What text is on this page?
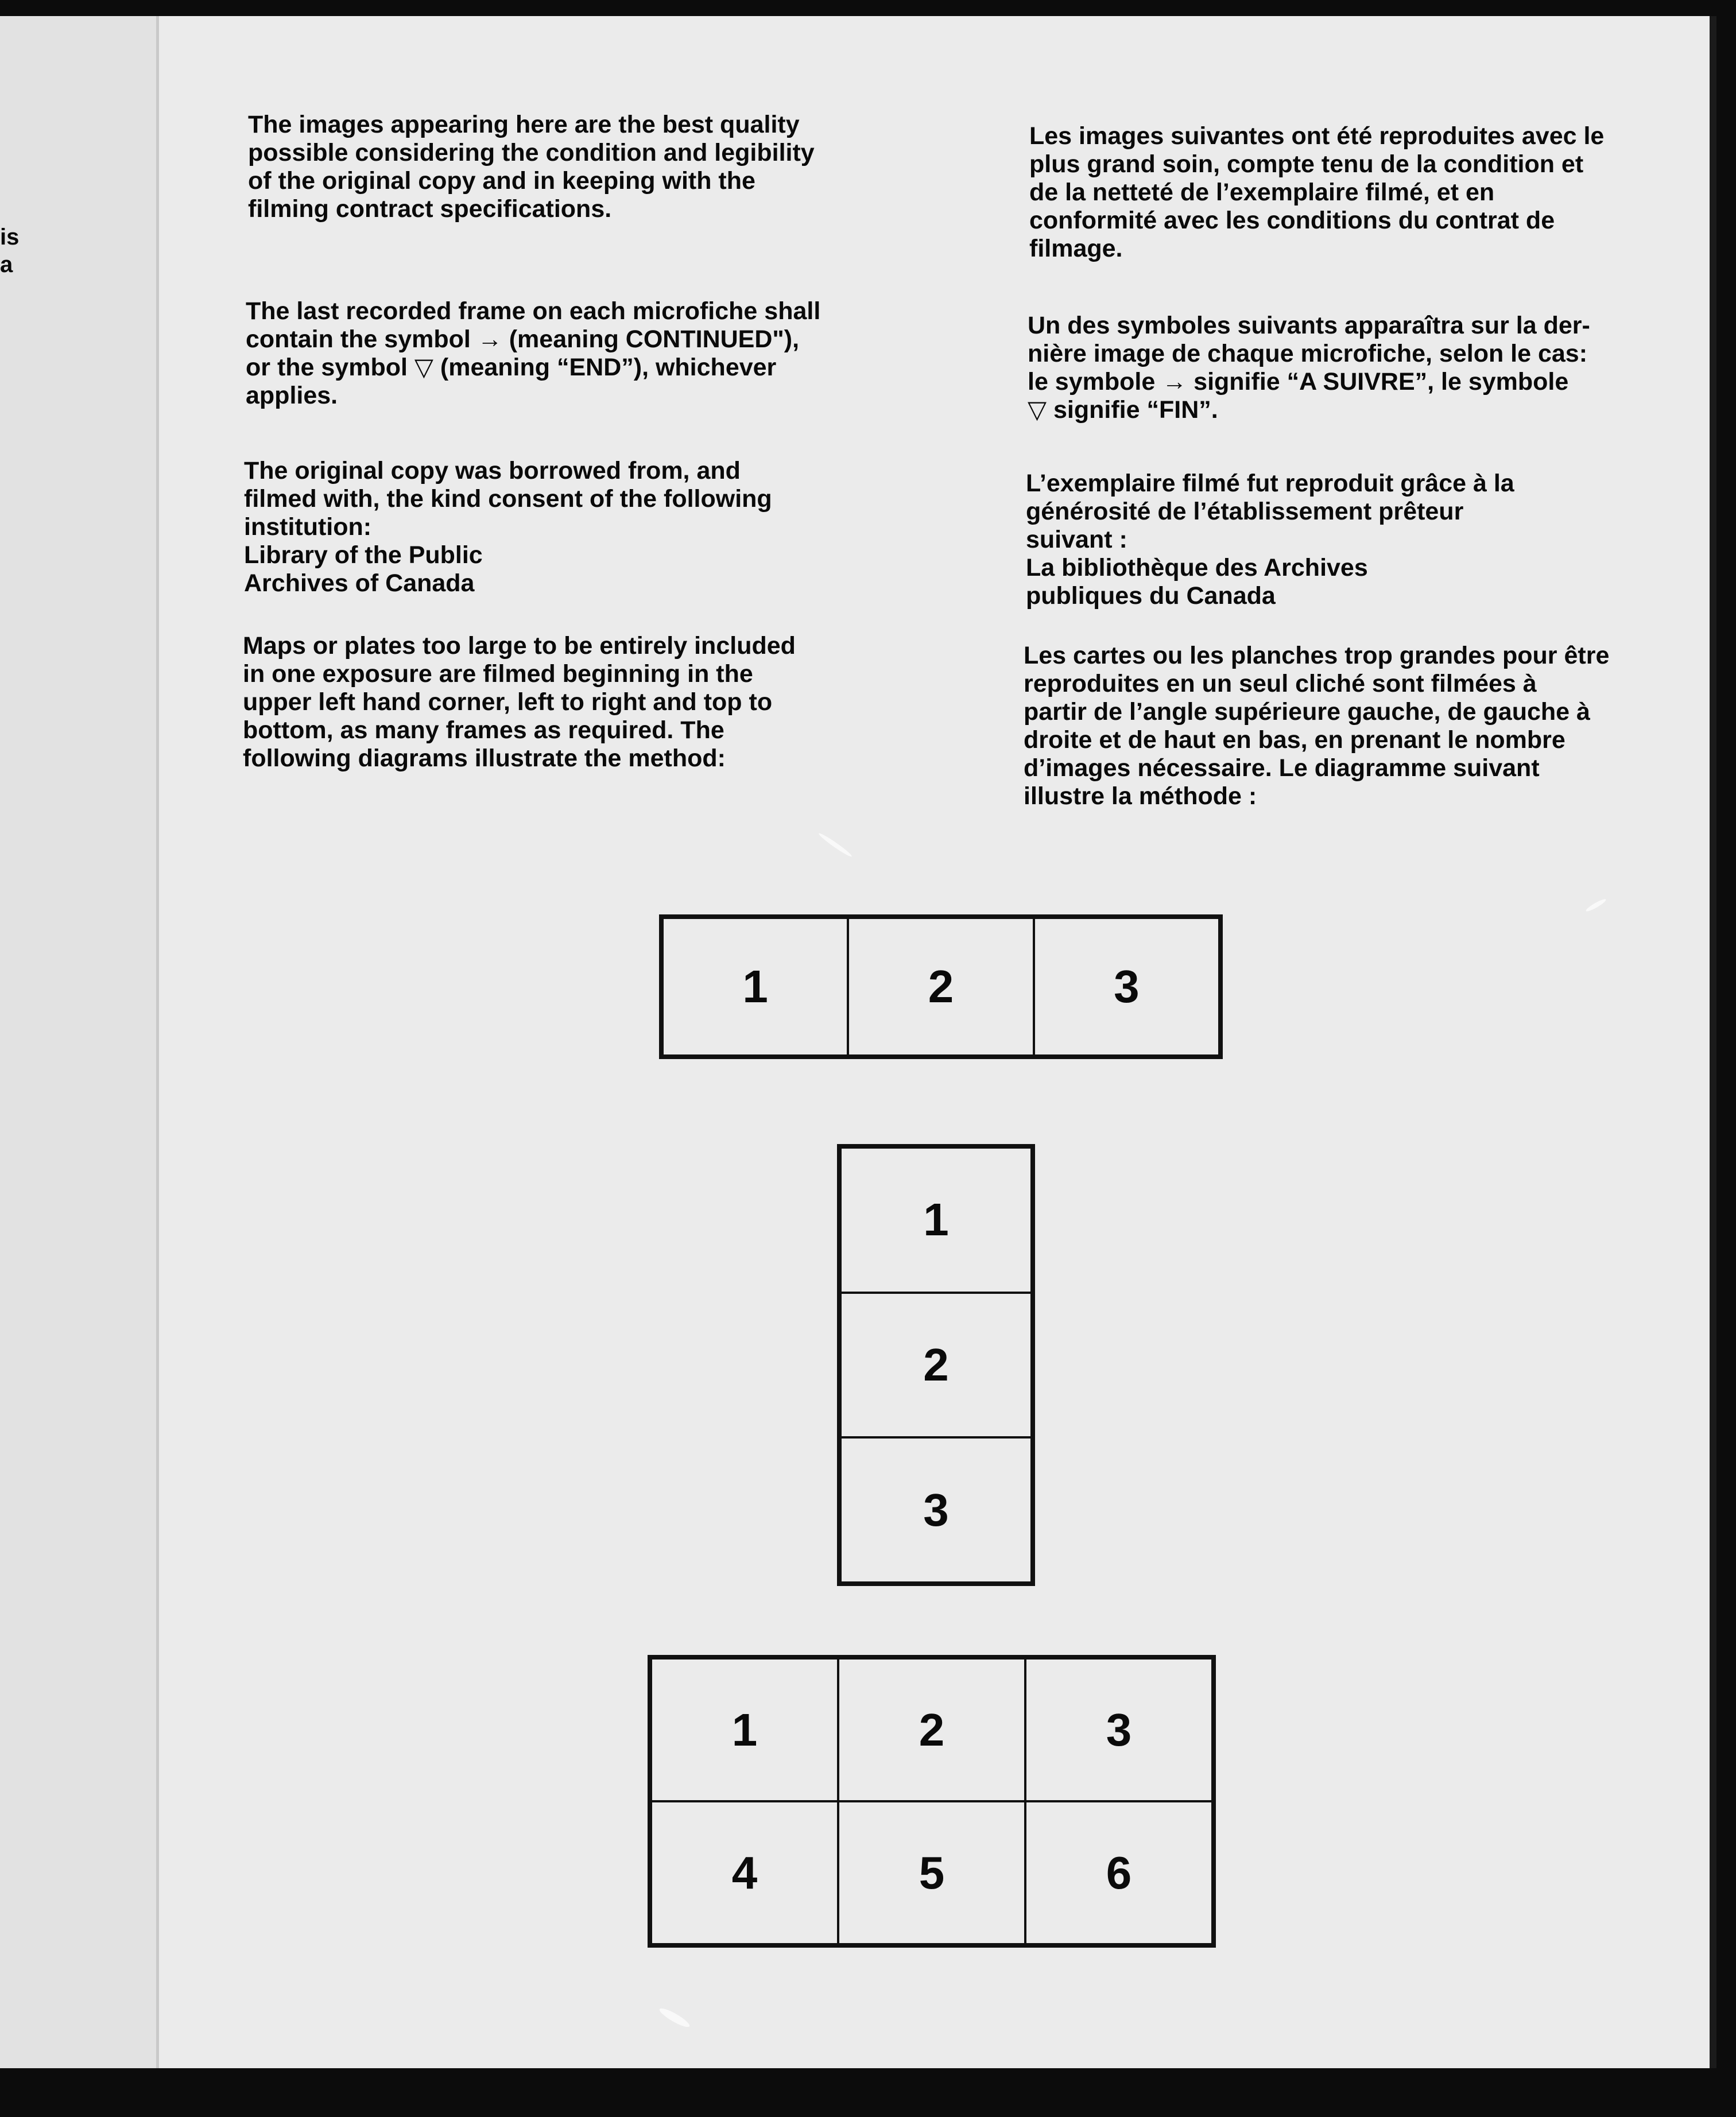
is
a

The images appearing here are the best quality
possible considering the condition and legibility
of the original copy and in keeping with the
filming contract specifications.

The last recorded frame on each microfiche shall
contain the symbol → (meaning CONTINUED"),
or the symbol ▽ (meaning “END”), whichever
applies.

The original copy was borrowed from, and
filmed with, the kind consent of the following
institution:

Library of the Public
Archives of Canada

Maps or plates too large to be entirely included
in one exposure are filmed beginning in the
upper left hand corner, left to right and top to
bottom, as many frames as required. The
following diagrams illustrate the method:

Les images suivantes ont été reproduites avec le
plus grand soin, compte tenu de la condition et
de la netteté de l’exemplaire filmé, et en
conformité avec les conditions du contrat de
filmage.

Un des symboles suivants apparaîtra sur la der-
nière image de chaque microfiche, selon le cas:
le symbole → signifie “A SUIVRE”, le symbole
▽ signifie “FIN”.

L’exemplaire filmé fut reproduit grâce à la
générosité de l’établissement prêteur
suivant :

La bibliothèque des Archives
publiques du Canada

Les cartes ou les planches trop grandes pour être
reproduites en un seul cliché sont filmées à
partir de l’angle supérieure gauche, de gauche à
droite et de haut en bas, en prenant le nombre
d’images nécessaire. Le diagramme suivant
illustre la méthode :

1	2	3
1
2
3
1	2	3
4	5	6
